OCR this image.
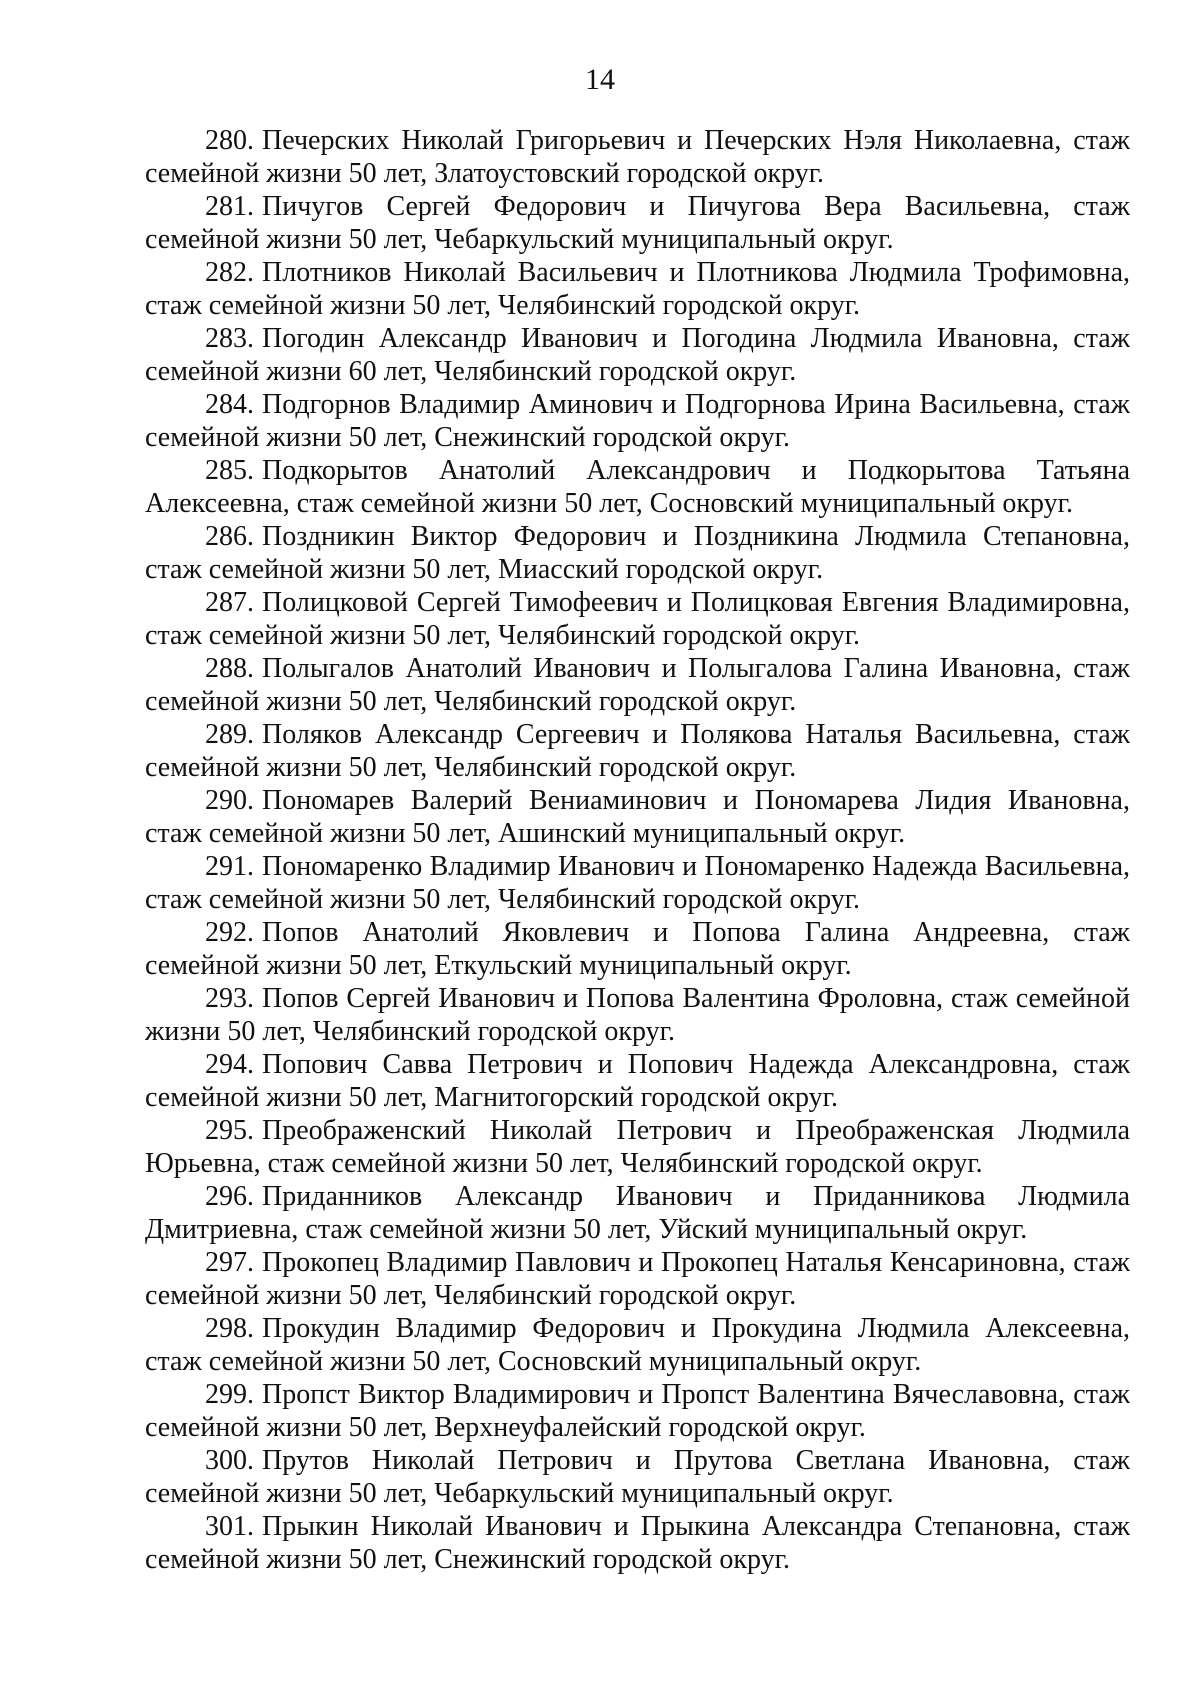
14

280. Печерских Николай Григорьевич и Печерских Нэля Николаевна, стаж семейной жизни 50 лет, Златоустовский городской округ.

281. Пичугов Сергей Федорович и Пичугова Вера Васильевна, стаж семейной жизни 50 лет, Чебаркульский муниципальный округ.

282. Плотников Николай Васильевич и Плотникова Людмила Трофимовна, стаж семейной жизни 50 лет, Челябинский городской округ.

283. Погодин Александр Иванович и Погодина Людмила Ивановна, стаж семейной жизни 60 лет, Челябинский городской округ.

284. Подгорнов Владимир Аминович и Подгорнова Ирина Васильевна, стаж семейной жизни 50 лет, Снежинский городской округ.

285. Подкорытов Анатолий Александрович и Подкорытова Татьяна Алексеевна, стаж семейной жизни 50 лет, Сосновский муниципальный округ.

286. Поздникин Виктор Федорович и Поздникина Людмила Степановна, стаж семейной жизни 50 лет, Миасский городской округ.

287. Полицковой Сергей Тимофеевич и Полицковая Евгения Владимировна, стаж семейной жизни 50 лет, Челябинский городской округ.

288. Полыгалов Анатолий Иванович и Полыгалова Галина Ивановна, стаж семейной жизни 50 лет, Челябинский городской округ.

289. Поляков Александр Сергеевич и Полякова Наталья Васильевна, стаж семейной жизни 50 лет, Челябинский городской округ.

290. Пономарев Валерий Вениаминович и Пономарева Лидия Ивановна, стаж семейной жизни 50 лет, Ашинский муниципальный округ.

291. Пономаренко Владимир Иванович и Пономаренко Надежда Васильевна, стаж семейной жизни 50 лет, Челябинский городской округ.

292. Попов Анатолий Яковлевич и Попова Галина Андреевна, стаж семейной жизни 50 лет, Еткульский муниципальный округ.

293. Попов Сергей Иванович и Попова Валентина Фроловна, стаж семейной жизни 50 лет, Челябинский городской округ.

294. Попович Савва Петрович и Попович Надежда Александровна, стаж семейной жизни 50 лет, Магнитогорский городской округ.

295. Преображенский Николай Петрович и Преображенская Людмила Юрьевна, стаж семейной жизни 50 лет, Челябинский городской округ.

296. Приданников Александр Иванович и Приданникова Людмила Дмитриевна, стаж семейной жизни 50 лет, Уйский муниципальный округ.

297. Прокопец Владимир Павлович и Прокопец Наталья Кенсариновна, стаж семейной жизни 50 лет, Челябинский городской округ.

298. Прокудин Владимир Федорович и Прокудина Людмила Алексеевна, стаж семейной жизни 50 лет, Сосновский муниципальный округ.

299. Пропст Виктор Владимирович и Пропст Валентина Вячеславовна, стаж семейной жизни 50 лет, Верхнеуфалейский городской округ.

300. Прутов Николай Петрович и Прутова Светлана Ивановна, стаж семейной жизни 50 лет, Чебаркульский муниципальный округ.

301. Прыкин Николай Иванович и Прыкина Александра Степановна, стаж семейной жизни 50 лет, Снежинский городской округ.
